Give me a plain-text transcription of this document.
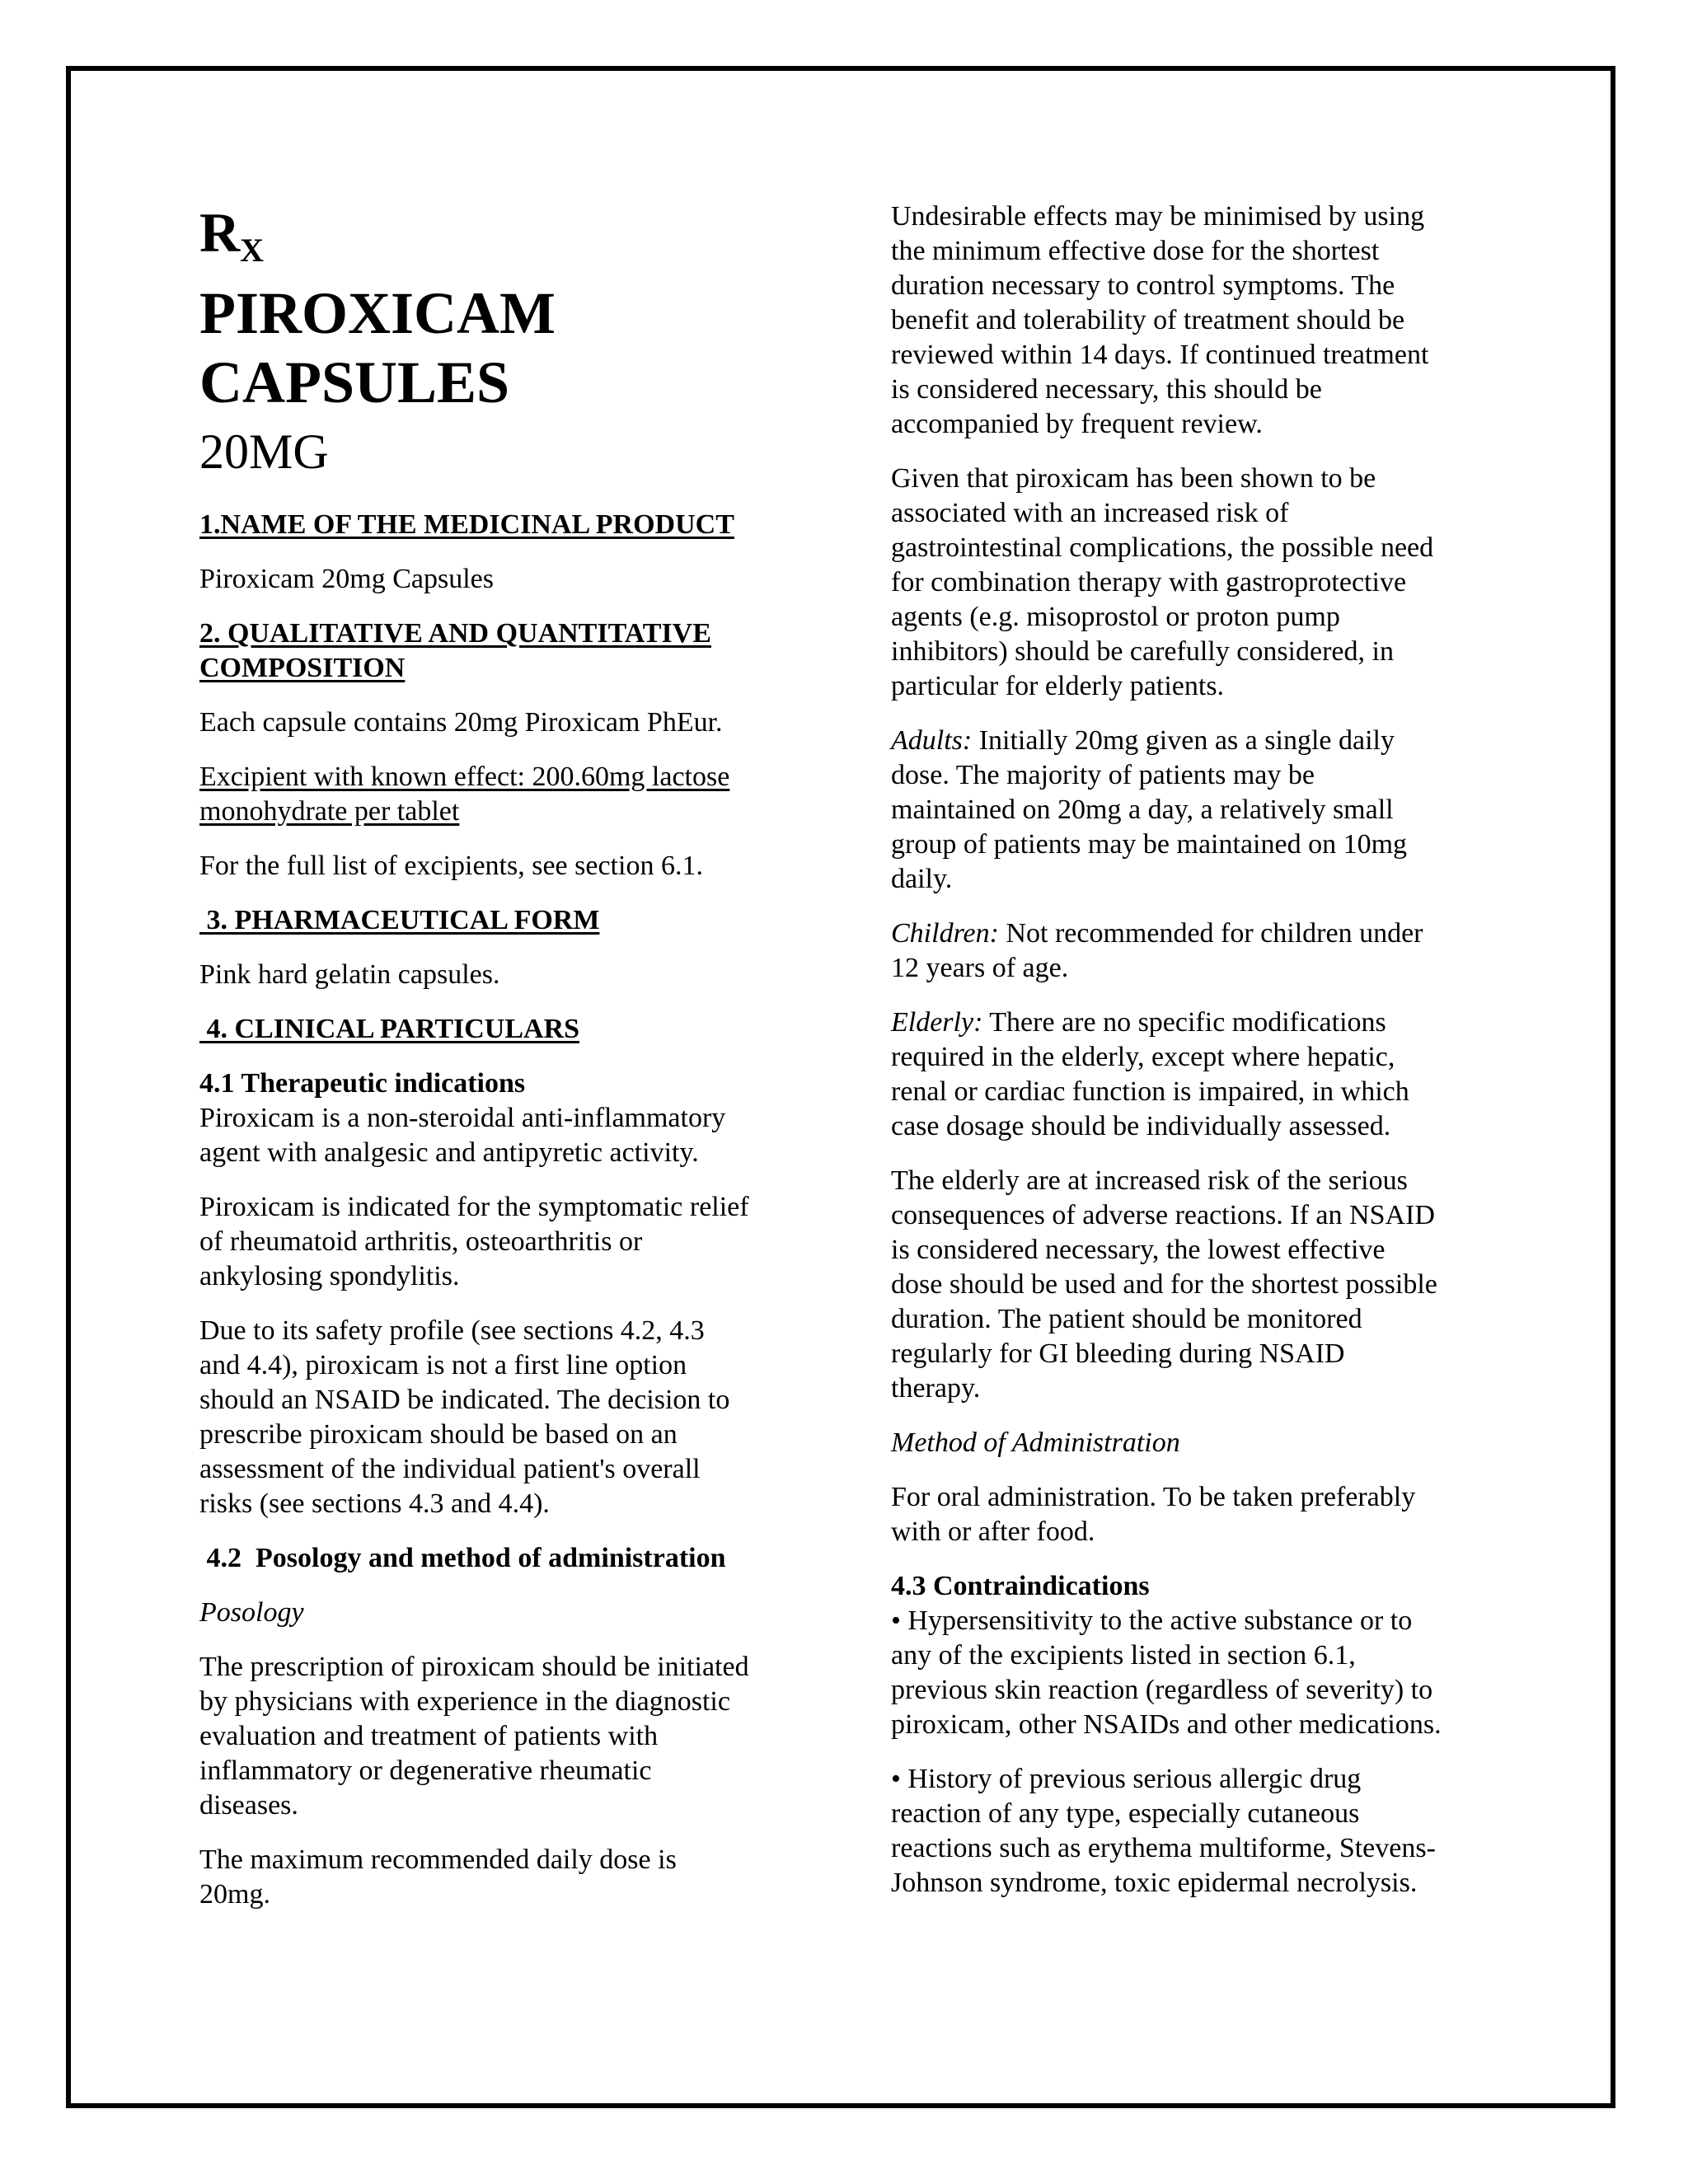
$R_X$
PIROXICAM
CAPSULES
20MG
1.NAME OF THE MEDICINAL PRODUCT
Piroxicam 20mg Capsules
2. QUALITATIVE AND QUANTITATIVE
COMPOSITION
Each capsule contains 20mg Piroxicam PhEur.
Excipient with known effect: 200.60mg lactose
monohydrate per tablet
For the full list of excipients, see section 6.1.
3. PHARMACEUTICAL FORM
Pink hard gelatin capsules.
4. CLINICAL PARTICULARS
4.1 Therapeutic indications
Piroxicam is a non-steroidal anti-inflammatory
agent with analgesic and antipyretic activity.
Piroxicam is indicated for the symptomatic relief
of rheumatoid arthritis, osteoarthritis or
ankylosing spondylitis.
Due to its safety profile (see sections 4.2, 4.3
and 4.4), piroxicam is not a first line option
should an NSAID be indicated. The decision to
prescribe piroxicam should be based on an
assessment of the individual patient's overall
risks (see sections 4.3 and 4.4).
4.2  Posology and method of administration
Posology
The prescription of piroxicam should be initiated
by physicians with experience in the diagnostic
evaluation and treatment of patients with
inflammatory or degenerative rheumatic
diseases.
The maximum recommended daily dose is
20mg.
Undesirable effects may be minimised by using
the minimum effective dose for the shortest
duration necessary to control symptoms. The
benefit and tolerability of treatment should be
reviewed within 14 days. If continued treatment
is considered necessary, this should be
accompanied by frequent review.
Given that piroxicam has been shown to be
associated with an increased risk of
gastrointestinal complications, the possible need
for combination therapy with gastroprotective
agents (e.g. misoprostol or proton pump
inhibitors) should be carefully considered, in
particular for elderly patients.
Adults: Initially 20mg given as a single daily
dose. The majority of patients may be
maintained on 20mg a day, a relatively small
group of patients may be maintained on 10mg
daily.
Children: Not recommended for children under
12 years of age.
Elderly: There are no specific modifications
required in the elderly, except where hepatic,
renal or cardiac function is impaired, in which
case dosage should be individually assessed.
The elderly are at increased risk of the serious
consequences of adverse reactions. If an NSAID
is considered necessary, the lowest effective
dose should be used and for the shortest possible
duration. The patient should be monitored
regularly for GI bleeding during NSAID
therapy.
Method of Administration
For oral administration. To be taken preferably
with or after food.
4.3 Contraindications
• Hypersensitivity to the active substance or to
any of the excipients listed in section 6.1,
previous skin reaction (regardless of severity) to
piroxicam, other NSAIDs and other medications.
• History of previous serious allergic drug
reaction of any type, especially cutaneous
reactions such as erythema multiforme, Stevens-
Johnson syndrome, toxic epidermal necrolysis.
